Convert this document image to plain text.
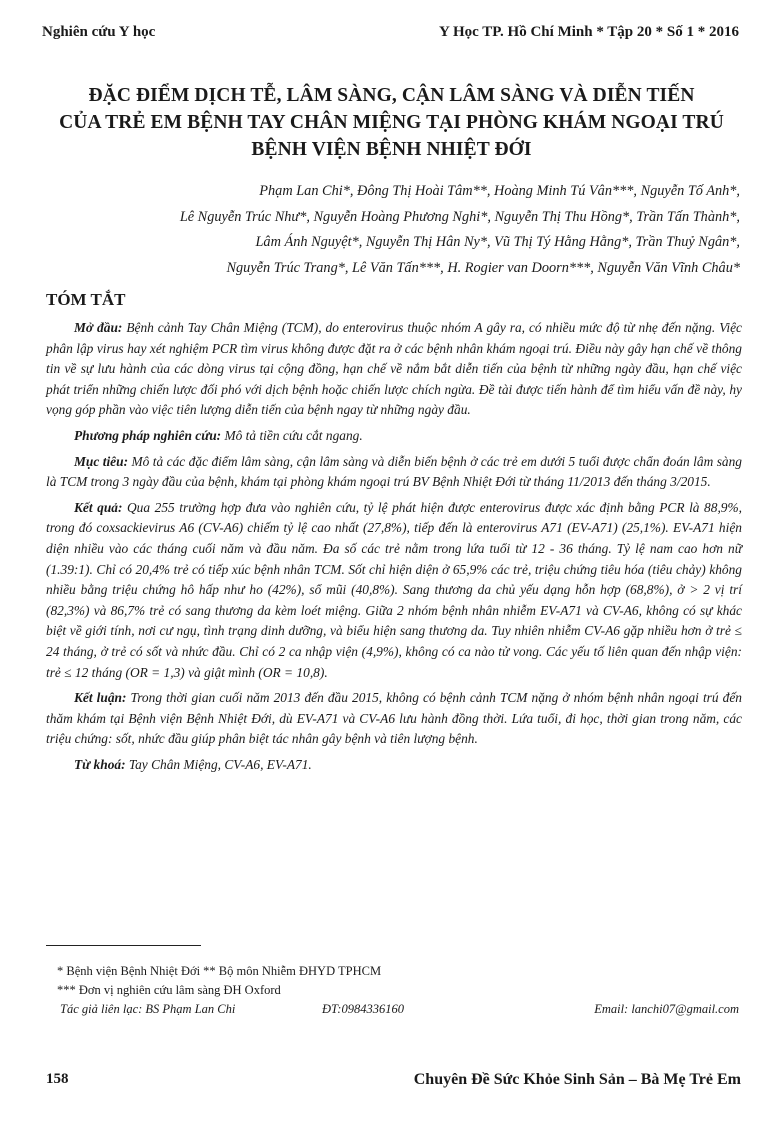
Nghiên cứu Y học	Y Học TP. Hồ Chí Minh * Tập 20 * Số 1 * 2016
ĐẶC ĐIỂM DỊCH TỄ, LÂM SÀNG, CẬN LÂM SÀNG VÀ DIỄN TIẾN
CỦA TRẺ EM BỆNH TAY CHÂN MIỆNG TẠI PHÒNG KHÁM NGOẠI TRÚ
BỆNH VIỆN BỆNH NHIỆT ĐỚI
Phạm Lan Chi*, Đông Thị Hoài Tâm**, Hoàng Minh Tú Vân***, Nguyễn Tố Anh*,
Lê Nguyễn Trúc Như*, Nguyễn Hoàng Phương Nghi*, Nguyễn Thị Thu Hồng*, Trần Tấn Thành*,
Lâm Ánh Nguyệt*, Nguyễn Thị Hân Ny*, Vũ Thị Tý Hằng Hằng*, Trần Thuỷ Ngân*,
Nguyễn Trúc Trang*, Lê Văn Tấn***, H. Rogier van Doorn***, Nguyễn Văn Vĩnh Châu*
TÓM TẮT

Mở đầu: Bệnh cảnh Tay Chân Miệng (TCM), do enterovirus thuộc nhóm A gây ra, có nhiều mức độ từ nhẹ đến nặng. Việc phân lập virus hay xét nghiệm PCR tìm virus không được đặt ra ở các bệnh nhân khám ngoại trú. Điều này gây hạn chế về thông tin về sự lưu hành của các dòng virus tại cộng đồng, hạn chế về nắm bắt diễn tiến của bệnh từ những ngày đầu, hạn chế việc phát triển những chiến lược đối phó với dịch bệnh hoặc chiến lược chích ngừa. Đề tài được tiến hành để tìm hiểu vấn đề này, hy vọng góp phần vào việc tiên lượng diễn tiến của bệnh ngay từ những ngày đầu.

Phương pháp nghiên cứu: Mô tả tiền cứu cắt ngang.

Mục tiêu: Mô tả các đặc điểm lâm sàng, cận lâm sàng và diễn biến bệnh ở các trẻ em dưới 5 tuổi được chẩn đoán lâm sàng là TCM trong 3 ngày đầu của bệnh, khám tại phòng khám ngoại trú BV Bệnh Nhiệt Đới từ tháng 11/2013 đến tháng 3/2015.

Kết quả: Qua 255 trường hợp đưa vào nghiên cứu, tỷ lệ phát hiện được enterovirus được xác định bằng PCR là 88,9%, trong đó coxsackievirus A6 (CV-A6) chiếm tỷ lệ cao nhất (27,8%), tiếp đến là enterovirus A71 (EV-A71) (25,1%). EV-A71 hiện diện nhiều vào các tháng cuối năm và đầu năm. Đa số các trẻ nằm trong lứa tuổi từ 12 - 36 tháng. Tỷ lệ nam cao hơn nữ (1.39:1). Chỉ có 20,4% trẻ có tiếp xúc bệnh nhân TCM. Sốt chỉ hiện diện ở 65,9% các trẻ, triệu chứng tiêu hóa (tiêu chảy) không nhiều bằng triệu chứng hô hấp như ho (42%), sổ mũi (40,8%). Sang thương da chủ yếu dạng hỗn hợp (68,8%), ở > 2 vị trí (82,3%) và 86,7% trẻ có sang thương da kèm loét miệng. Giữa 2 nhóm bệnh nhân nhiễm EV-A71 và CV-A6, không có sự khác biệt về giới tính, nơi cư ngụ, tình trạng dinh dưỡng, và biểu hiện sang thương da. Tuy nhiên nhiễm CV-A6 gặp nhiều hơn ở trẻ ≤ 24 tháng, ở trẻ có sốt và nhức đầu. Chỉ có 2 ca nhập viện (4,9%), không có ca nào tử vong. Các yếu tố liên quan đến nhập viện: trẻ ≤ 12 tháng (OR = 1,3) và giật mình (OR = 10,8).

Kết luận: Trong thời gian cuối năm 2013 đến đầu 2015, không có bệnh cảnh TCM nặng ở nhóm bệnh nhân ngoại trú đến thăm khám tại Bệnh viện Bệnh Nhiệt Đới, dù EV-A71 và CV-A6 lưu hành đồng thời. Lứa tuổi, đi học, thời gian trong năm, các triệu chứng: sốt, nhức đầu giúp phân biệt tác nhân gây bệnh và tiên lượng bệnh.

Từ khoá: Tay Chân Miệng, CV-A6, EV-A71.

* Bệnh viện Bệnh Nhiệt Đới ** Bộ môn Nhiễm ĐHYD TPHCM
*** Đơn vị nghiên cứu lâm sàng ĐH Oxford
Tác giả liên lạc: BS Phạm Lan Chi	ĐT:0984336160	Email: lanchi07@gmail.com
158	Chuyên Đề Sức Khỏe Sinh Sản – Bà Mẹ Trẻ Em
